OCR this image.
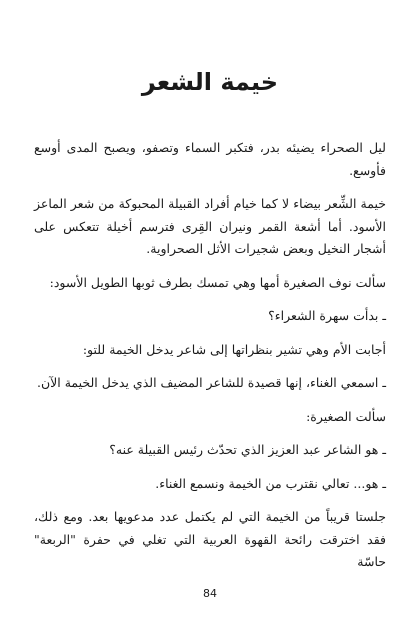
خيمة الشعر

ليل الصحراء يضيئه بدر، فتكبر السماء وتصفو، ويصبح المدى أوسع فأوسع.

خيمة الشِّعر بيضاء لا كما خيام أفراد القبيلة المحبوكة من شعر الماعز الأسود. أما أشعة القمر ونيران القِرى فترسم أخيلة تتعكس على أشجار النخيل وبعض شجيرات الأثل الصحراوية.

سألت نوف الصغيرة أمها وهي تمسك بطرف ثوبها الطويل الأسود:

ـ بدأت سهرة الشعراء؟

أجابت الأم وهي تشير بنظراتها إلى شاعر يدخل الخيمة للتو:

ـ اسمعي الغناء، إنها قصيدة للشاعر المضيف الذي يدخل الخيمة الآن.

سألت الصغيرة:

ـ هو الشاعر عبد العزيز الذي تحدّث رئيس القبيلة عنه؟

ـ هو... تعالي نقترب من الخيمة ونسمع الغناء.

جلستا قريباً من الخيمة التي لم يكتمل عدد مدعويها بعد. ومع ذلك، فقد اخترقت رائحة القهوة العربية التي تغلي في حفرة "الربعة" حاسّة

84
